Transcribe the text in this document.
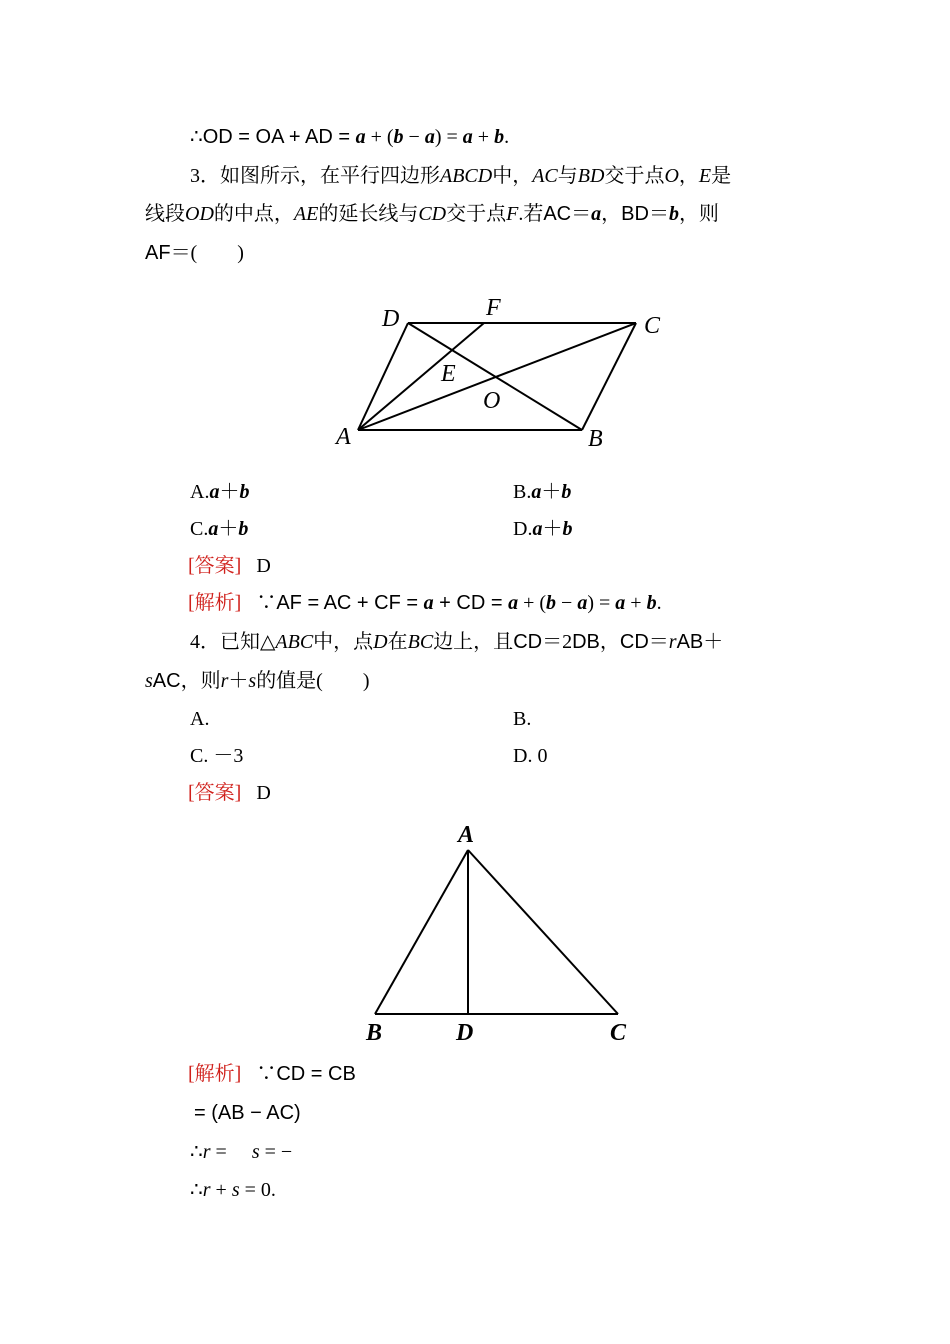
∴OD = OA + AD = a + (b − a) = a + b.
3．如图所示，在平行四边形ABCD中，AC与BD交于点O，E是
线段OD的中点，AE的延长线与CD交于点F.若AC＝a，BD＝b，则
AF＝(　　)
D	F
C
E
O
A	B
A.a＋b	B.a＋b
C.a＋b	D.a＋b
[答案] D
[解析] ∵AF = AC + CF = a + CD = a + (b − a) = a + b.
4．已知△ABC中，点D在BC边上，且CD＝2DB，CD＝rAB＋
sAC，则r＋s的值是(　　)
A.	B.
C. －3	D. 0
[答案] D
A
B	D	C
[解析] ∵CD = CB
= (AB − AC)
∴r =     s = −
∴r + s = 0.
